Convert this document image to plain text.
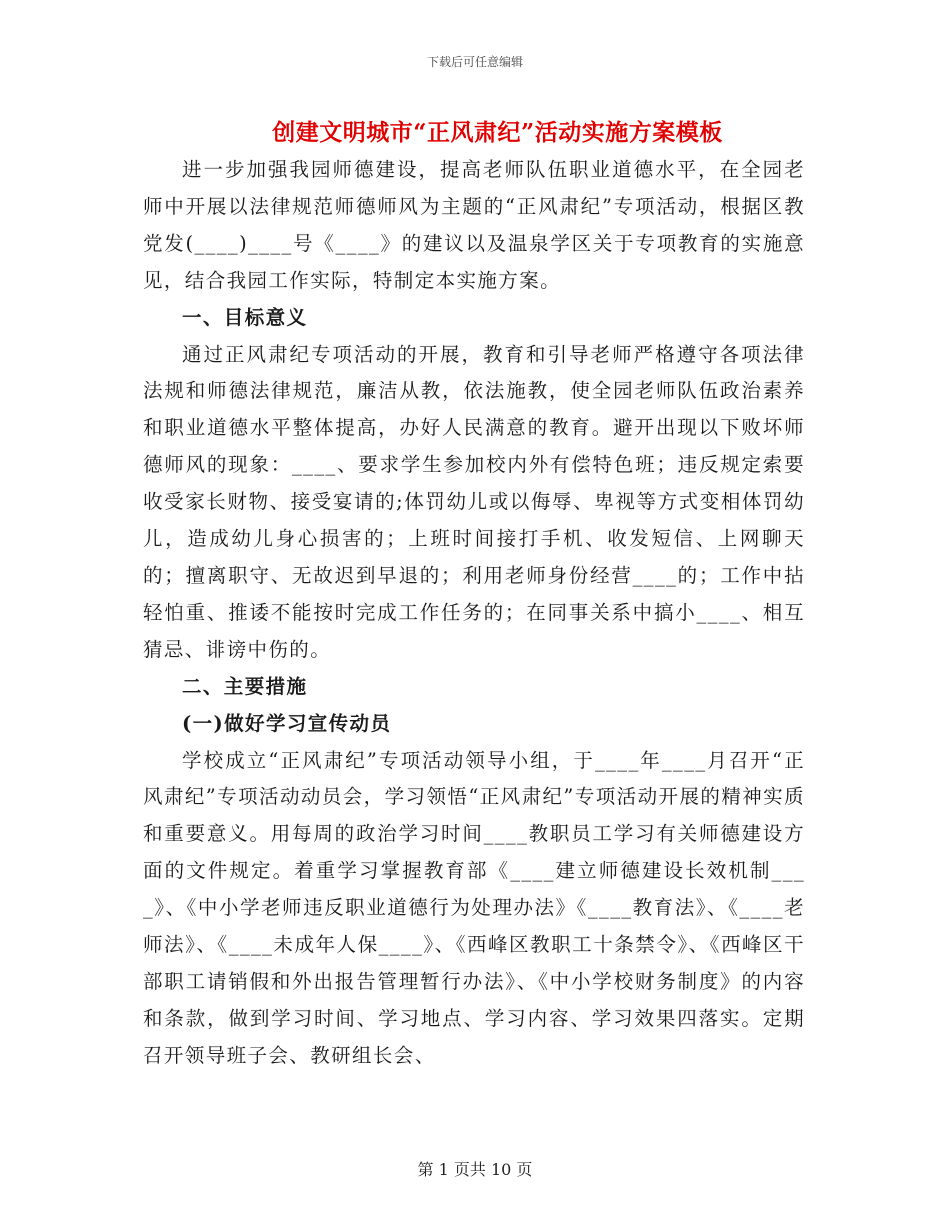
下载后可任意编辑
创建文明城市“正风肃纪”活动实施方案模板

进一步加强我园师德建设，提高老师队伍职业道德水平，在全园老师中开展以法律规范师德师风为主题的“正风肃纪”专项活动，根据区教党发(____)____号《____》的建议以及温泉学区关于专项教育的实施意见，结合我园工作实际，特制定本实施方案。

一、目标意义

通过正风肃纪专项活动的开展，教育和引导老师严格遵守各项法律法规和师德法律规范，廉洁从教，依法施教，使全园老师队伍政治素养和职业道德水平整体提高，办好人民满意的教育。避开出现以下败坏师德师风的现象：____、要求学生参加校内外有偿特色班；违反规定索要收受家长财物、接受宴请的;体罚幼儿或以侮辱、卑视等方式变相体罚幼儿，造成幼儿身心损害的；上班时间接打手机、收发短信、上网聊天的；擅离职守、无故迟到早退的；利用老师身份经营____的；工作中拈轻怕重、推诿不能按时完成工作任务的；在同事关系中搞小____、相互猜忌、诽谤中伤的。

二、主要措施
(一)做好学习宣传动员

学校成立“正风肃纪”专项活动领导小组，于____年____月召开“正风肃纪”专项活动动员会，学习领悟“正风肃纪”专项活动开展的精神实质和重要意义。用每周的政治学习时间____教职员工学习有关师德建设方面的文件规定。着重学习掌握教育部《____建立师德建设长效机制____》、《中小学老师违反职业道德行为处理办法》《____教育法》、《____老师法》、《____未成年人保____》、《西峰区教职工十条禁令》、《西峰区干部职工请销假和外出报告管理暂行办法》、《中小学校财务制度》的内容和条款，做到学习时间、学习地点、学习内容、学习效果四落实。定期召开领导班子会、教研组长会、

第 1 页共 10 页
